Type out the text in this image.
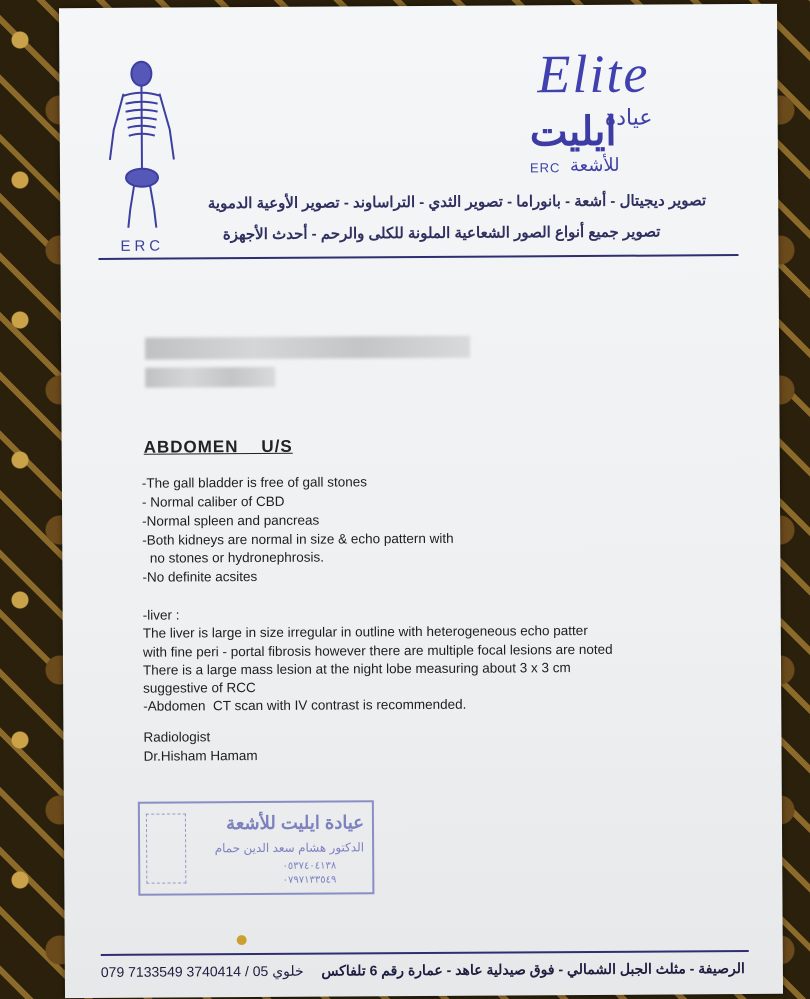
ERC
Elite
عيادة
ايليت
ERC للأشعة
تصوير ديجيتال - أشعة - بانوراما - تصوير الثدي - التراساوند - تصوير الأوعية الدموية
تصوير جميع أنواع الصور الشعاعية الملونة للكلى والرحم - أحدث الأجهزة
ABDOMEN    U/S
-The gall bladder is free of gall stones
- Normal caliber of CBD
-Normal spleen and pancreas
-Both kidneys are normal in size & echo pattern with
no stones or hydronephrosis.
-No definite acsites
-liver :
The liver is large in size irregular in outline with heterogeneous echo patter
with fine peri - portal fibrosis however there are multiple focal lesions are noted
There is a large mass lesion at the night lobe measuring about 3 x 3 cm
suggestive of RCC
-Abdomen  CT scan with IV contrast is recommended.
Radiologist
Dr.Hisham Hamam
عيادة ايليت للأشعة
الدكتور هشام سعد الدين حمام
٠٥٣٧٤٠٤١٣٨
٠٧٩٧١٣٣٥٤٩
الرصيفة - مثلث الجبل الشمالي - فوق صيدلية عاهد - عمارة رقم 6 تلفاكس
079 7133549 خلوي 05 / 3740414
